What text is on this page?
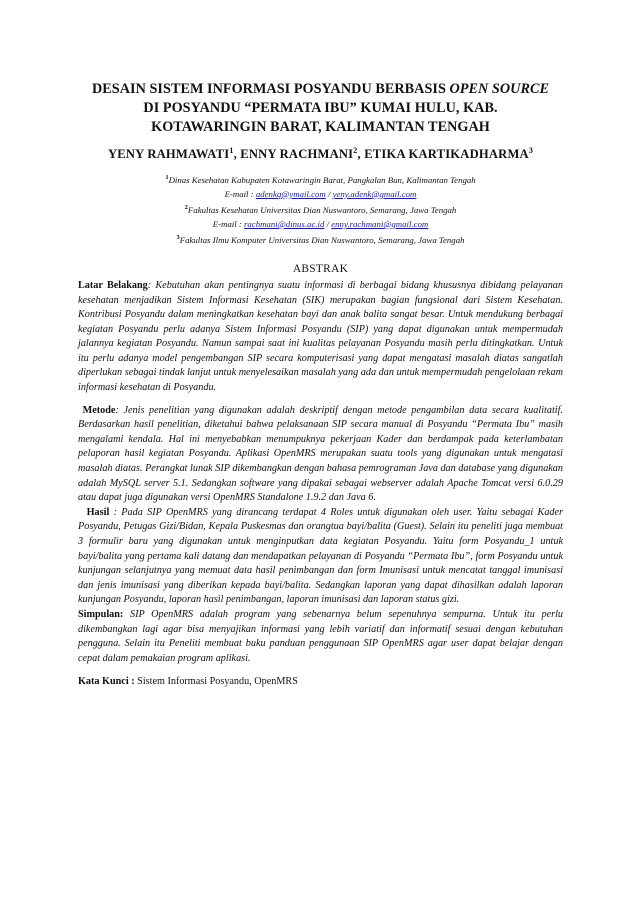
DESAIN SISTEM INFORMASI POSYANDU BERBASIS OPEN SOURCE
DI POSYANDU “PERMATA IBU” KUMAI HULU, KAB.
KOTAWARINGIN BARAT, KALIMANTAN TENGAH
YENY RAHMAWATI$^1$, ENNY RACHMANI$^2$, ETIKA KARTIKADHARMA$^3$
$^1$Dinas Kesehatan Kabupaten Kotawaringin Barat, Pangkalan Bun, Kalimantan Tengah
E-mail : adenkq@ymail.com / yeny.adenk@gmail.com
$^2$Fakultas Kesehatan Universitas Dian Nuswantoro, Semarang, Jawa Tengah
E-mail : rachmani@dinus.ac.id / enny.rachmani@gmail.com
$^3$Fakultas Ilmu Komputer Universitas Dian Nuswantoro, Semarang, Jawa Tengah
ABSTRAK

Latar Belakang: Kebutuhan akan pentingnya suatu informasi di berbagai bidang khususnya dibidang pelayanan kesehatan menjadikan Sistem Informasi Kesehatan (SIK) merupakan bagian fungsional dari Sistem Kesehatan. Kontribusi Posyandu dalam meningkatkan kesehatan bayi dan anak balita sangat besar. Untuk mendukung berbagai kegiatan Posyandu perlu adanya Sistem Informasi Posyandu (SIP) yang dapat digunakan untuk mempermudah jalannya kegiatan Posyandu. Namun sampai saat ini kualitas pelayanan Posyandu masih perlu ditingkatkan. Untuk itu perlu adanya model pengembangan SIP secara komputerisasi yang dapat mengatasi masalah diatas sangatlah diperlukan sebagai tindak lanjut untuk menyelesaikan masalah yang ada dan untuk mempermudah pengelolaan rekam informasi kesehatan di Posyandu.

Metode: Jenis penelitian yang digunakan adalah deskriptif dengan metode pengambilan data secara kualitatif. Berdasarkan hasil penelitian, diketahui bahwa pelaksanaan SIP secara manual di Posyandu “Permata Ibu” masih mengalami kendala. Hal ini menyebabkan menumpuknya pekerjaan Kader dan berdampak pada keterlambatan pelaporan hasil kegiatan Posyandu. Aplikasi OpenMRS merupakan suatu tools yang digunakan untuk mengatasi masalah diatas. Perangkat lunak SIP dikembangkan dengan bahasa pemrograman Java dan database yang digunakan adalah MySQL server 5.1. Sedangkan software yang dipakai sebagai webserver adalah Apache Tomcat versi 6.0.29 atau dapat juga digunakan versi OpenMRS Standalone 1.9.2 dan Java 6.

Hasil : Pada SIP OpenMRS yang dirancang terdapat 4 Roles untuk digunakan oleh user. Yaitu sebagai Kader Posyandu, Petugas Gizi/Bidan, Kepala Puskesmas dan orangtua bayi/balita (Guest). Selain itu peneliti juga membuat 3 formulir baru yang digunakan untuk menginputkan data kegiatan Posyandu. Yaitu form Posyandu_1 untuk bayi/balita yang pertama kali datang dan mendapatkan pelayanan di Posyandu “Permata Ibu”, form Posyandu untuk kunjungan selanjutnya yang memuat data hasil penimbangan dan form Imunisasi untuk mencatat tanggal imunisasi dan jenis imunisasi yang diberikan kepada bayi/balita. Sedangkan laporan yang dapat dihasilkan adalah laporan kunjungan Posyandu, laporan hasil penimbangan, laporan imunisasi dan laporan status gizi.

Simpulan: SIP OpenMRS adalah program yang sebenarnya belum sepenuhnya sempurna. Untuk itu perlu dikembangkan lagi agar bisa menyajikan informasi yang lebih variatif dan informatif sesuai dengan kebutuhan pengguna. Selain itu Peneliti membuat buku panduan penggunaan SIP OpenMRS agar user dapat belajar dengan cepat dalam pemakaian program aplikasi.

Kata Kunci : Sistem Informasi Posyandu, OpenMRS
